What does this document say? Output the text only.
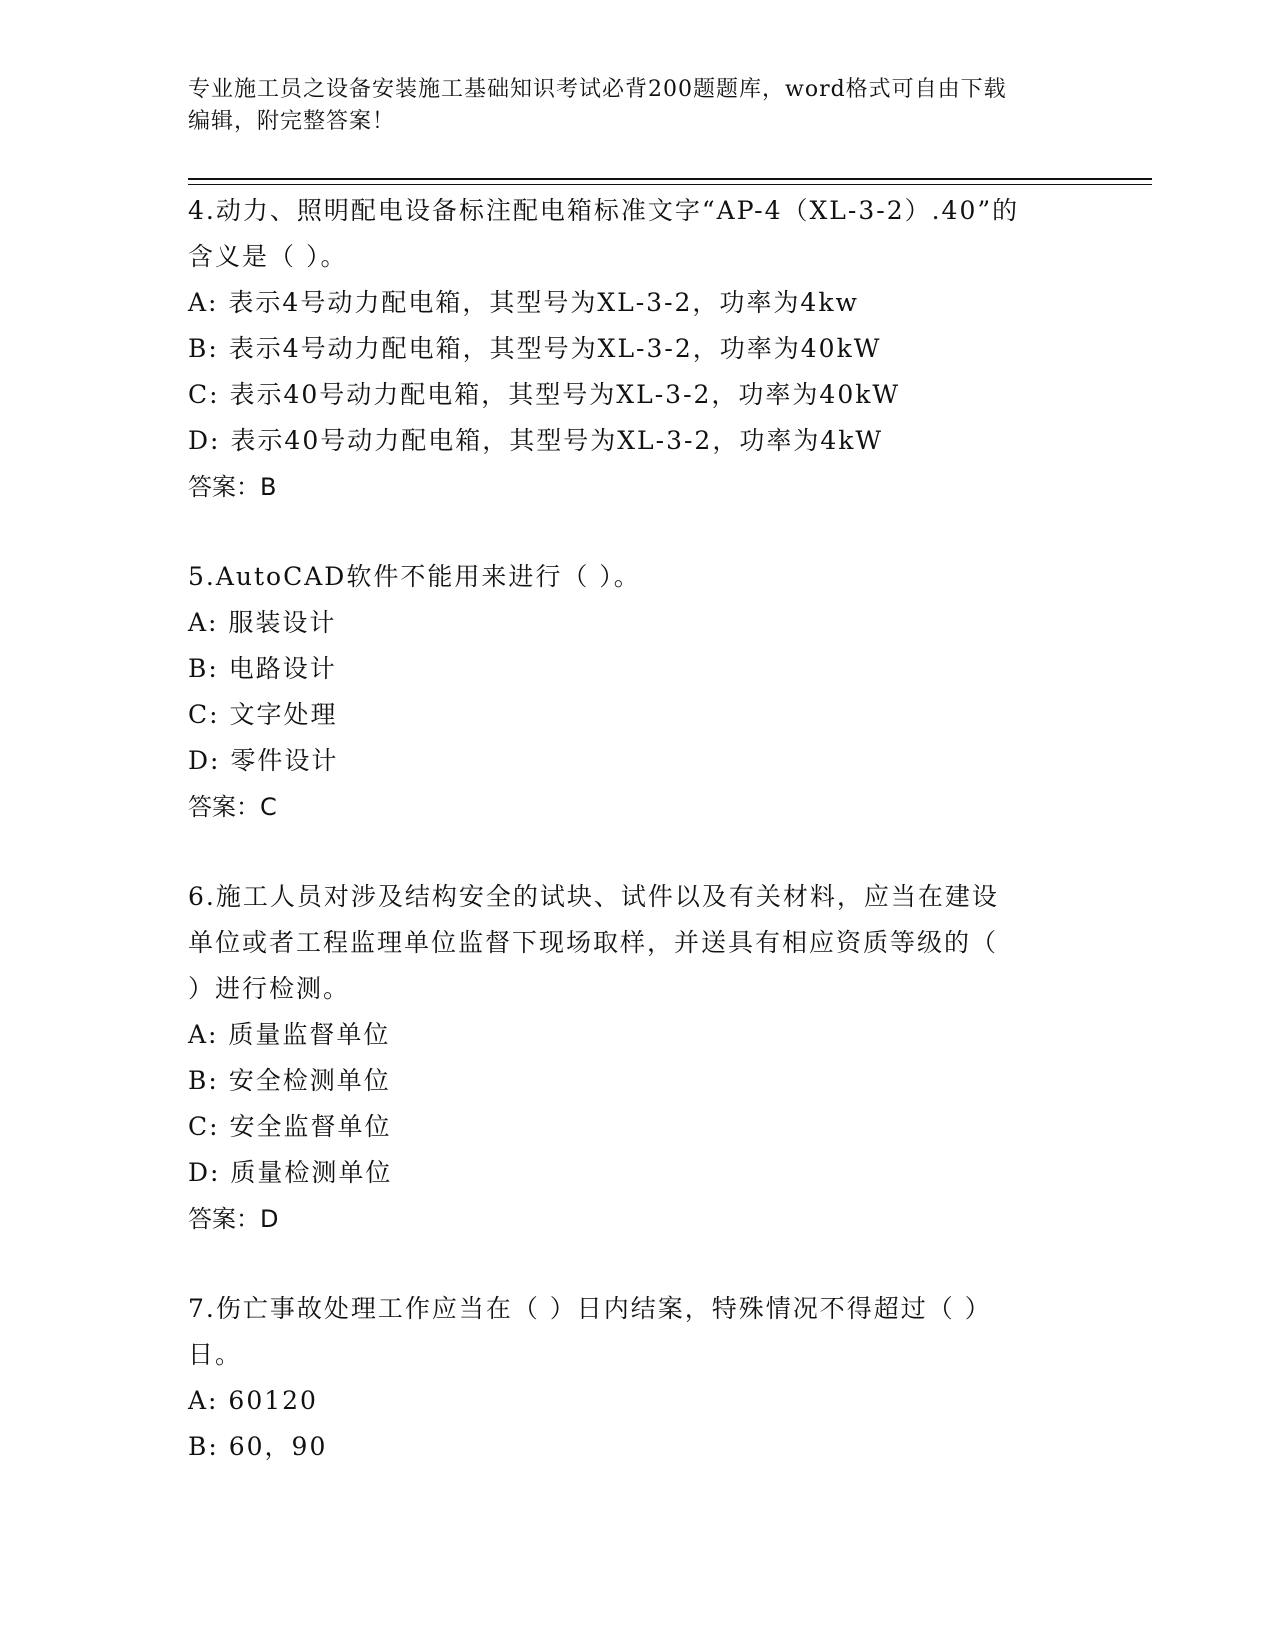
专业施工员之设备安装施工基础知识考试必背200题题库，word格式可自由下载
编辑，附完整答案！
4.动力、照明配电设备标注配电箱标准文字“AP-4（XL-3-2）.40”的
含义是（ ）。
A: 表示4号动力配电箱，其型号为XL-3-2，功率为4kw
B: 表示4号动力配电箱，其型号为XL-3-2，功率为40kW
C: 表示40号动力配电箱，其型号为XL-3-2，功率为40kW
D: 表示40号动力配电箱，其型号为XL-3-2，功率为4kW
答案：B
5.AutoCAD软件不能用来进行（ ）。
A: 服装设计
B: 电路设计
C: 文字处理
D: 零件设计
答案：C
6.施工人员对涉及结构安全的试块、试件以及有关材料，应当在建设
单位或者工程监理单位监督下现场取样，并送具有相应资质等级的（
）进行检测。
A: 质量监督单位
B: 安全检测单位
C: 安全监督单位
D: 质量检测单位
答案：D
7.伤亡事故处理工作应当在（ ）日内结案，特殊情况不得超过（ ）
日。
A: 60120
B: 60，90
